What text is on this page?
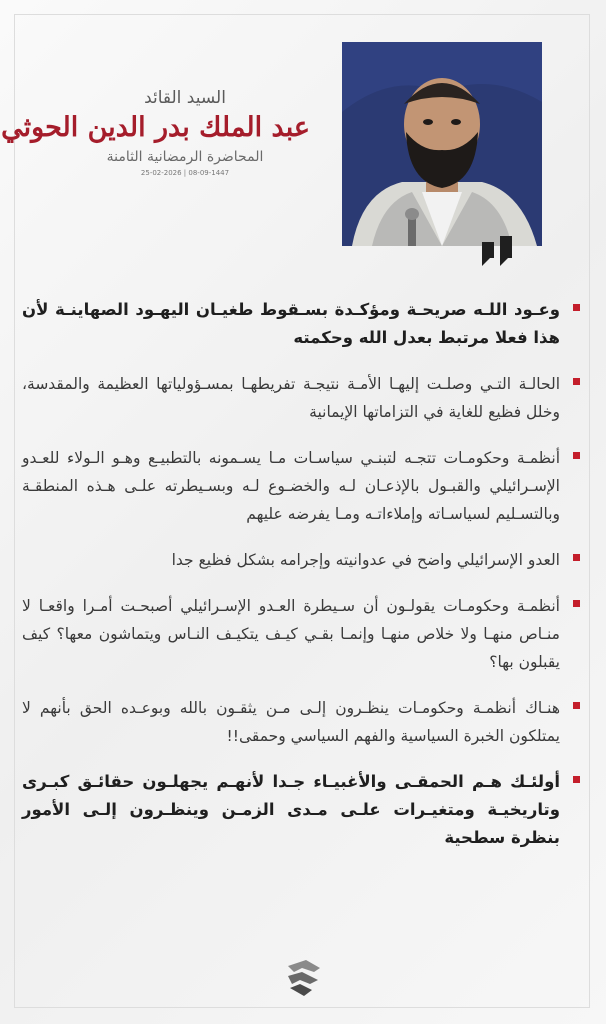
السيد القائد
عبد الملك بدر الدين الحوثي
المحاضرة الرمضانية الثامنة
25-02-2026 | 08-09-1447
وعـود اللـه صريحـة ومؤكـدة بسـقوط طغيـان اليهـود الصهاينـة لأن هذا فعلا مرتبط بعدل الله وحكمته
الحالـة التـي وصلـت إليهـا الأمـة نتيجـة تفريطهـا بمسـؤولياتها العظيمة والمقدسة، وخلل فظيع للغاية في التزاماتها الإيمانية
أنظمـة وحكومـات تتجـه لتبنـي سياسـات مـا يسـمونه بالتطبيـع وهـو الـولاء للعـدو الإسـرائيلي والقبـول بالإذعـان لـه والخضـوع لـه وبسـيطرته علـى هـذه المنطقـة وبالتسـليم لسياسـاته وإملاءاتـه ومـا يفرضه عليهم
العدو الإسرائيلي واضح في عدوانيته وإجرامه بشكل فظيع جدا
أنظمـة وحكومـات يقولـون أن سـيطرة العـدو الإسـرائيلي أصبحـت أمـرا واقعـا لا منـاص منهـا ولا خلاص منهـا وإنمـا بقـي كيـف يتكيـف النـاس ويتماشون معها؟ كيف يقبلون بها؟
هنـاك أنظمـة وحكومـات ينظـرون إلـى مـن يثقـون بالله وبوعـده الحق بأنهم لا يمتلكون الخبرة السياسية والفهم السياسي وحمقى!!
أولئـك هـم الحمقـى والأغبيـاء جـدا لأنهـم يجهلـون حقائـق كبـرى وتاريخيـة ومتغيـرات علـى مـدى الزمـن وينظـرون إلـى الأمور بنظرة سطحية
